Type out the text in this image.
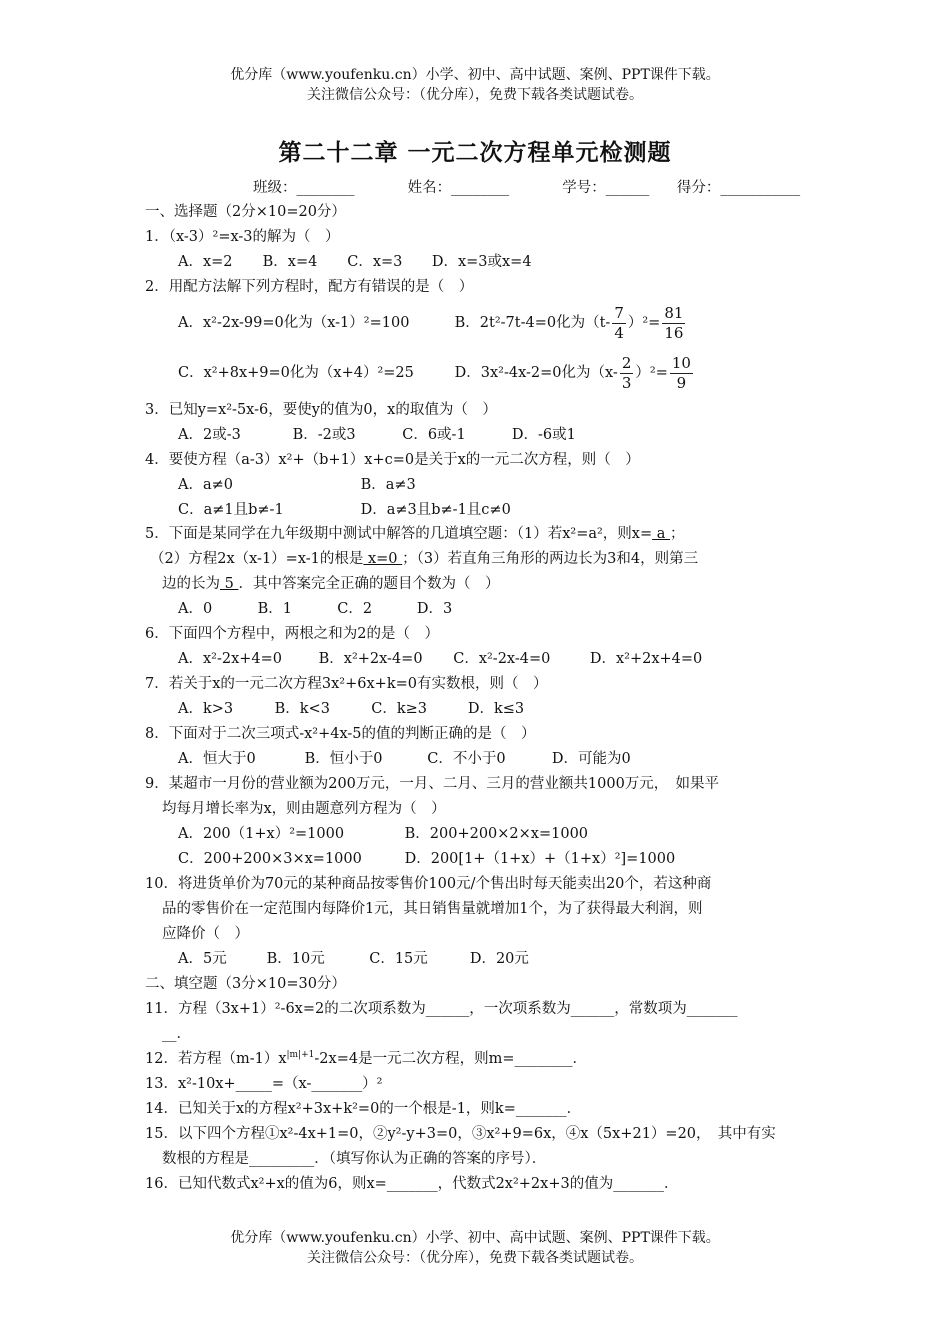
优分库（www.youfenku.cn）小学、初中、高中试题、案例、PPT课件下载。
关注微信公众号：（优分库），免费下载各类试题试卷。
第二十二章 一元二次方程单元检测题
班级：________	姓名：________	学号：______ 得分：___________
一、选择题（2分×10=20分）
1．（x-3）²=x-3的解为（　）
A．x=2 B．x=4 C．x=3 D．x=3或x=4
2．用配方法解下列方程时，配方有错误的是（　）
A．x²-2x-99=0化为（x-1）²=100	B．2t²-7t-4=0化为$(t- \frac{7}{4} )^2= \frac{81}{16}$
C．x²+8x+9=0化为（x+4）²=25	D．3x²-4x-2=0化为$(x- \frac{2}{3} )^2= \frac{10}{9}$
3．已知y=x²-5x-6，要使y的值为0，x的取值为（　）
A．2或-3	B．-2或3	C．6或-1	D．-6或1
4．要使方程（a-3）x²+（b+1）x+c=0是关于x的一元二次方程，则（　）
A．a≠0	B．a≠3
C．a≠1且b≠-1	D．a≠3且b≠-1且c≠0
5．下面是某同学在九年级期中测试中解答的几道填空题：（1）若x²=a²，则x= a ；
（2）方程2x（x-1）=x-1的根是 x=0 ；（3）若直角三角形的两边长为3和4，则第三
边的长为 5 ．其中答案完全正确的题目个数为（　）
A．0	B．1	C．2	D．3
6．下面四个方程中，两根之和为2的是（　）
A．x²-2x+4=0	B．x²+2x-4=0 C．x²-2x-4=0	D．x²+2x+4=0
7．若关于x的一元二次方程3x²+6x+k=0有实数根，则（　）
A．k>3	B．k<3	C．k≥3	D．k≤3
8．下面对于二次三项式-x²+4x-5的值的判断正确的是（　）
A．恒大于0	B．恒小于0	C．不小于0	D．可能为0
9．某超市一月份的营业额为200万元，一月、二月、三月的营业额共1000万元，　如果平
均每月增长率为x，则由题意列方程为（　）
A．200（1+x）²=1000	B．200+200×2×x=1000
C．200+200×3×x=1000	D．200[1+（1+x）+（1+x）²]=1000
10．将进货单价为70元的某种商品按零售价100元/个售出时每天能卖出20个，若这种商
品的零售价在一定范围内每降价1元，其日销售量就增加1个，为了获得最大利润，则
应降价（　）
A．5元	B．10元	C．15元	D．20元
二、填空题（3分×10=30分）
11．方程（3x+1）²-6x=2的二次项系数为______，一次项系数为______，常数项为_______
__．
12．若方程$(m-1)x^{|m|+1}-2x=4$是一元二次方程，则m=________．
13．x²-10x+_____=（x-_______）²
14．已知关于x的方程x²+3x+k²=0的一个根是-1，则k=_______．
15．以下四个方程①x²-4x+1=0，②y²-y+3=0，③x²+9=6x，④x（5x+21）=20，　其中有实
数根的方程是_________．（填写你认为正确的答案的序号）．
16．已知代数式x²+x的值为6，则x=_______，代数式2x²+2x+3的值为_______．
优分库（www.youfenku.cn）小学、初中、高中试题、案例、PPT课件下载。
关注微信公众号：（优分库），免费下载各类试题试卷。
